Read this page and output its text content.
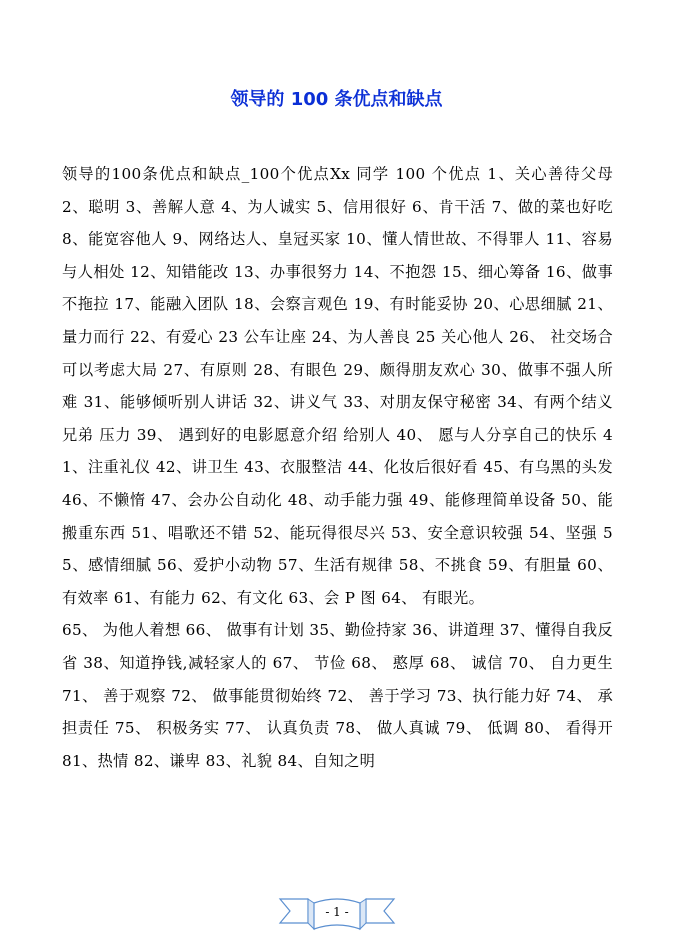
领导的 100 条优点和缺点

领导的100条优点和缺点_100个优点Xx 同学 100 个优点 1、关心善待父母 2、聪明 3、善解人意 4、为人诚实 5、信用很好 6、肯干活 7、做的菜也好吃 8、能宽容他人 9、网络达人、皇冠买家 10、懂人情世故、不得罪人 11、容易与人相处 12、知错能改 13、办事很努力 14、不抱怨 15、细心筹备 16、做事不拖拉 17、能融入团队 18、会察言观色 19、有时能妥协 20、心思细腻 21、量力而行 22、有爱心 23 公车让座 24、为人善良 25 关心他人 26、 社交场合可以考虑大局 27、有原则 28、有眼色 29、颇得朋友欢心 30、做事不强人所难 31、能够倾听别人讲话 32、讲义气 33、对朋友保守秘密 34、有两个结义兄弟 压力 39、 遇到好的电影愿意介绍 给别人 40、 愿与人分享自己的快乐 41、注重礼仪 42、讲卫生 43、衣服整洁 44、化妆后很好看 45、有乌黑的头发 46、不懒惰 47、会办公自动化 48、动手能力强 49、能修理简单设备 50、能搬重东西 51、唱歌还不错 52、能玩得很尽兴 53、安全意识较强 54、坚强 55、感情细腻 56、爱护小动物 57、生活有规律 58、不挑食 59、有胆量 60、有效率 61、有能力 62、有文化 63、会 P 图 64、 有眼光。

65、 为他人着想 66、 做事有计划 35、勤俭持家 36、讲道理 37、懂得自我反省 38、知道挣钱,减轻家人的 67、 节俭 68、 憨厚 68、 诚信 70、 自力更生 71、 善于观察 72、 做事能贯彻始终 72、 善于学习 73、执行能力好 74、 承担责任 75、 积极务实 77、 认真负责 78、 做人真诚 79、 低调 80、 看得开 81、热情 82、谦卑 83、礼貌 84、自知之明

- 1 -
